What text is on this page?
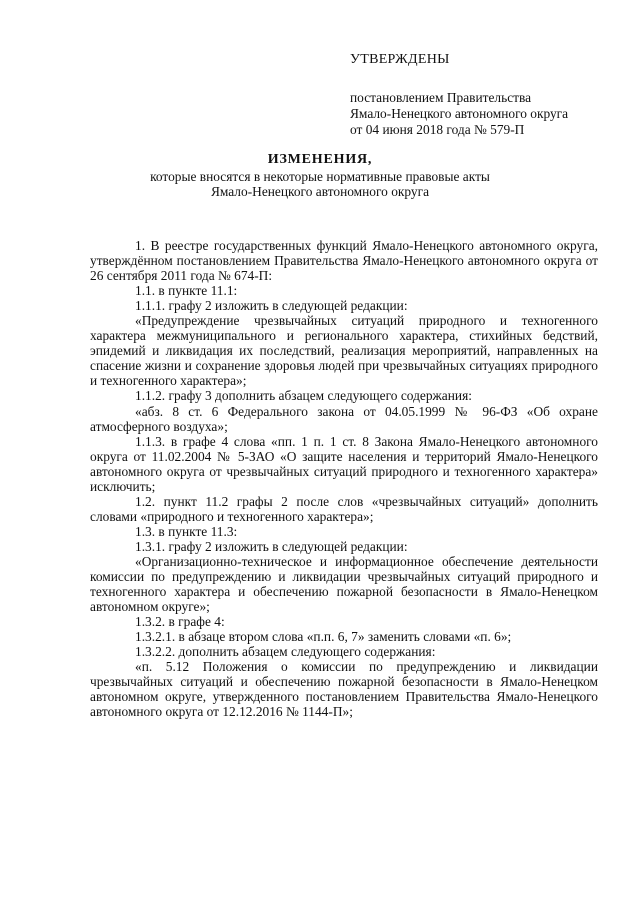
УТВЕРЖДЕНЫ
постановлением Правительства
Ямало-Ненецкого автономного округа
от 04 июня 2018 года № 579-П
ИЗМЕНЕНИЯ,
которые вносятся в некоторые нормативные правовые акты
Ямало-Ненецкого автономного округа

1. В реестре государственных функций Ямало-Ненецкого автономного округа, утверждённом постановлением Правительства Ямало-Ненецкого автономного округа от 26 сентября 2011 года № 674-П:

1.1. в пункте 11.1:

1.1.1. графу 2 изложить в следующей редакции:

«Предупреждение чрезвычайных ситуаций природного и техногенного характера межмуниципального и регионального характера, стихийных бедствий, эпидемий и ликвидация их последствий, реализация мероприятий, направленных на спасение жизни и сохранение здоровья людей при чрезвычайных ситуациях природного и техногенного характера»;

1.1.2. графу 3 дополнить абзацем следующего содержания:

«абз. 8 ст. 6 Федерального закона от 04.05.1999 № 96-ФЗ «Об охране атмосферного воздуха»;

1.1.3. в графе 4 слова «пп. 1 п. 1 ст. 8 Закона Ямало-Ненецкого автономного округа от 11.02.2004 № 5-ЗАО «О защите населения и территорий Ямало-Ненецкого автономного округа от чрезвычайных ситуаций природного и техногенного характера» исключить;

1.2. пункт 11.2 графы 2 после слов «чрезвычайных ситуаций» дополнить словами «природного и техногенного характера»;

1.3. в пункте 11.3:

1.3.1. графу 2 изложить в следующей редакции:

«Организационно-техническое и информационное обеспечение деятельности комиссии по предупреждению и ликвидации чрезвычайных ситуаций природного и техногенного характера и обеспечению пожарной безопасности в Ямало-Ненецком автономном округе»;

1.3.2. в графе 4:

1.3.2.1. в абзаце втором слова «п.п. 6, 7» заменить словами «п. 6»;

1.3.2.2. дополнить абзацем следующего содержания:

«п. 5.12 Положения о комиссии по предупреждению и ликвидации чрезвычайных ситуаций и обеспечению пожарной безопасности в Ямало-Ненецком автономном округе, утвержденного постановлением Правительства Ямало-Ненецкого автономного округа от 12.12.2016 № 1144-П»;
